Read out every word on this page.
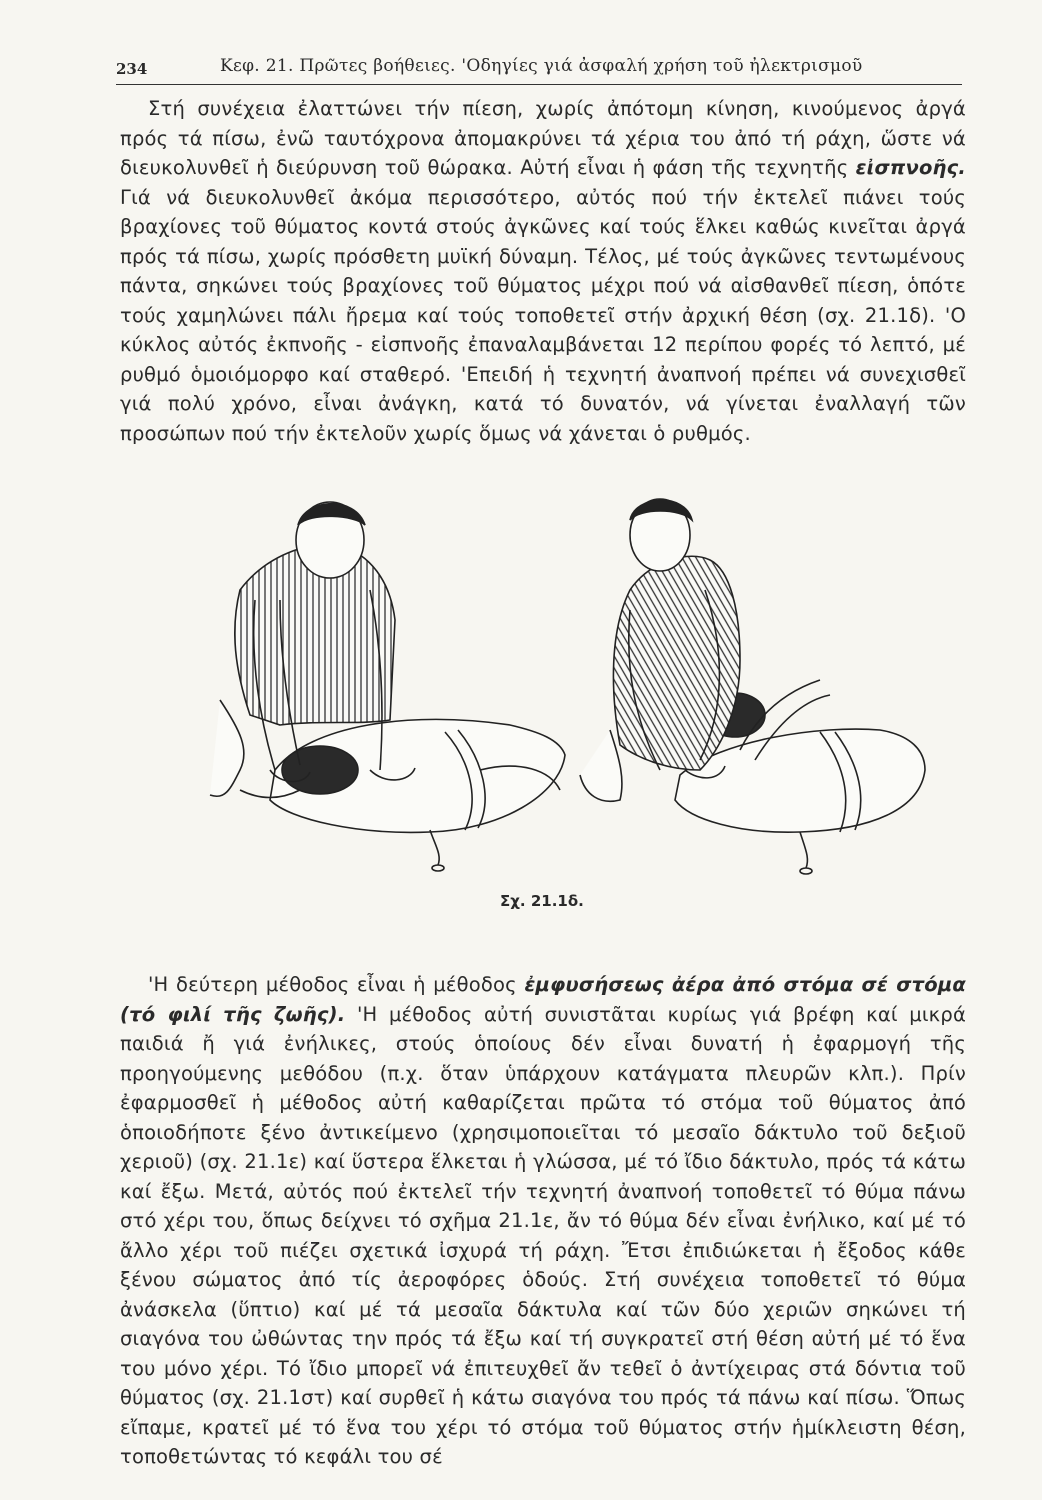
234	Κεφ. 21. Πρῶτες βοήθειες. 'Οδηγίες γιά ἀσφαλή χρήση τοῦ ἠλεκτρισμοῦ

Στή συνέχεια ἐλαττώνει τήν πίεση, χωρίς ἀπότομη κίνηση, κινούμενος ἀργά πρός τά πίσω, ἐνῶ ταυτόχρονα ἀπομακρύνει τά χέρια του ἀπό τή ράχη, ὥστε νά διευκολυνθεῖ ἡ διεύρυνση τοῦ θώρακα. Αὐτή εἶναι ἡ φάση τῆς τεχνητῆς εἰσπνοῆς. Γιά νά διευκολυνθεῖ ἀκόμα περισσότερο, αὐτός πού τήν ἐκτελεῖ πιάνει τούς βραχίονες τοῦ θύματος κοντά στούς ἀγκῶνες καί τούς ἕλκει καθώς κινεῖται ἀργά πρός τά πίσω, χωρίς πρόσθετη μυϊκή δύναμη. Τέλος, μέ τούς ἀγκῶνες τεντωμένους πάντα, σηκώνει τούς βραχίονες τοῦ θύματος μέχρι πού νά αἰσθανθεῖ πίεση, ὁπότε τούς χαμηλώνει πάλι ἤρεμα καί τούς τοποθετεῖ στήν ἀρχική θέση (σχ. 21.1δ). 'Ο κύκλος αὐτός ἐκπνοῆς - εἰσπνοῆς ἐπαναλαμβάνεται 12 περίπου φορές τό λεπτό, μέ ρυθμό ὁμοιόμορφο καί σταθερό. 'Επειδή ἡ τεχνητή ἀναπνοή πρέπει νά συνεχισθεῖ γιά πολύ χρόνο, εἶναι ἀνάγκη, κατά τό δυνατόν, νά γίνεται ἐναλλαγή τῶν προσώπων πού τήν ἐκτελοῦν χωρίς ὅμως νά χάνεται ὁ ρυθμός.

Σχ. 21.1δ.

'Η δεύτερη μέθοδος εἶναι ἡ μέθοδος ἐμφυσήσεως ἀέρα ἀπό στόμα σέ στόμα (τό φιλί τῆς ζωῆς). 'Η μέθοδος αὐτή συνιστᾶται κυρίως γιά βρέφη καί μικρά παιδιά ἤ γιά ἐνήλικες, στούς ὁποίους δέν εἶναι δυνατή ἡ ἐφαρμογή τῆς προηγούμενης μεθόδου (π.χ. ὅταν ὑπάρχουν κατάγματα πλευρῶν κλπ.). Πρίν ἐφαρμοσθεῖ ἡ μέθοδος αὐτή καθαρίζεται πρῶτα τό στόμα τοῦ θύματος ἀπό ὁποιοδήποτε ξένο ἀντικείμενο (χρησιμοποιεῖται τό μεσαῖο δάκτυλο τοῦ δεξιοῦ χεριοῦ) (σχ. 21.1ε) καί ὕστερα ἕλκεται ἡ γλώσσα, μέ τό ἴδιο δάκτυλο, πρός τά κάτω καί ἔξω. Μετά, αὐτός πού ἐκτελεῖ τήν τεχνητή ἀναπνοή τοποθετεῖ τό θύμα πάνω στό χέρι του, ὅπως δείχνει τό σχῆμα 21.1ε, ἄν τό θύμα δέν εἶναι ἐνήλικο, καί μέ τό ἄλλο χέρι τοῦ πιέζει σχετικά ἰσχυρά τή ράχη. Ἔτσι ἐπιδιώκεται ἡ ἔξοδος κάθε ξένου σώματος ἀπό τίς ἀεροφόρες ὁδούς. Στή συνέχεια τοποθετεῖ τό θύμα ἀνάσκελα (ὕπτιο) καί μέ τά μεσαῖα δάκτυλα καί τῶν δύο χεριῶν σηκώνει τή σιαγόνα του ὠθώντας την πρός τά ἔξω καί τή συγκρατεῖ στή θέση αὐτή μέ τό ἕνα του μόνο χέρι. Τό ἴδιο μπορεῖ νά ἐπιτευχθεῖ ἄν τεθεῖ ὁ ἀντίχειρας στά δόντια τοῦ θύματος (σχ. 21.1στ) καί συρθεῖ ἡ κάτω σιαγόνα του πρός τά πάνω καί πίσω. Ὅπως εἴπαμε, κρατεῖ μέ τό ἕνα του χέρι τό στόμα τοῦ θύματος στήν ἡμίκλειστη θέση, τοποθετώντας τό κεφάλι του σέ
